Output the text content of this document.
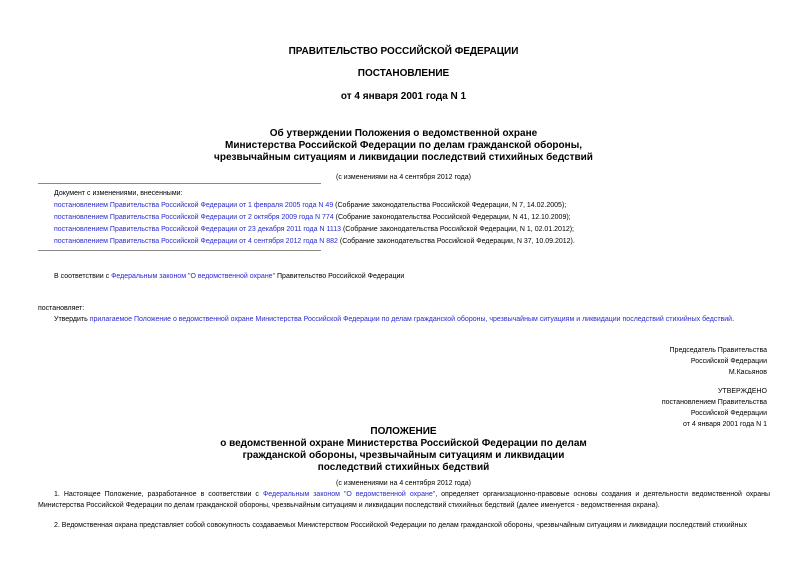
ПРАВИТЕЛЬСТВО РОССИЙСКОЙ ФЕДЕРАЦИИ
ПОСТАНОВЛЕНИЕ
от 4 января 2001 года N 1
Об утверждении Положения о ведомственной охране
Министерства Российской Федерации по делам гражданской обороны,
чрезвычайным ситуациям и ликвидации последствий стихийных бедствий
(с изменениями на 4 сентября 2012 года)
Документ с изменениями, внесенными:
постановлением Правительства Российской Федерации от 1 февраля 2005 года N 49 (Собрание законодательства Российской Федерации, N 7, 14.02.2005);
постановлением Правительства Российской Федерации от 2 октября 2009 года N 774 (Собрание законодательства Российской Федерации, N 41, 12.10.2009);
постановлением Правительства Российской Федерации от 23 декабря 2011 года N 1113 (Собрание законодательства Российской Федерации, N 1, 02.01.2012);
постановлением Правительства Российской Федерации от 4 сентября 2012 года N 882 (Собрание законодательства Российской Федерации, N 37, 10.09.2012).
В соответствии с Федеральным законом "О ведомственной охране" Правительство Российской Федерации
постановляет:
Утвердить прилагаемое Положение о ведомственной охране Министерства Российской Федерации по делам гражданской обороны, чрезвычайным ситуациям и ликвидации последствий стихийных бедствий.
Председатель Правительства
Российской Федерации
М.Касьянов
УТВЕРЖДЕНО
постановлением Правительства
Российской Федерации
от 4 января 2001 года N 1
ПОЛОЖЕНИЕ
о ведомственной охране Министерства Российской Федерации по делам
гражданской обороны, чрезвычайным ситуациям и ликвидации
последствий стихийных бедствий
(с изменениями на 4 сентября 2012 года)
1. Настоящее Положение, разработанное в соответствии с Федеральным законом "О ведомственной охране", определяет организационно-правовые основы создания и деятельности ведомственной охраны Министерства Российской Федерации по делам гражданской обороны, чрезвычайным ситуациям и ликвидации последствий стихийных бедствий (далее именуется - ведомственная охрана).
2. Ведомственная охрана представляет собой совокупность создаваемых Министерством Российской Федерации по делам гражданской обороны, чрезвычайным ситуациям и ликвидации последствий стихийных
